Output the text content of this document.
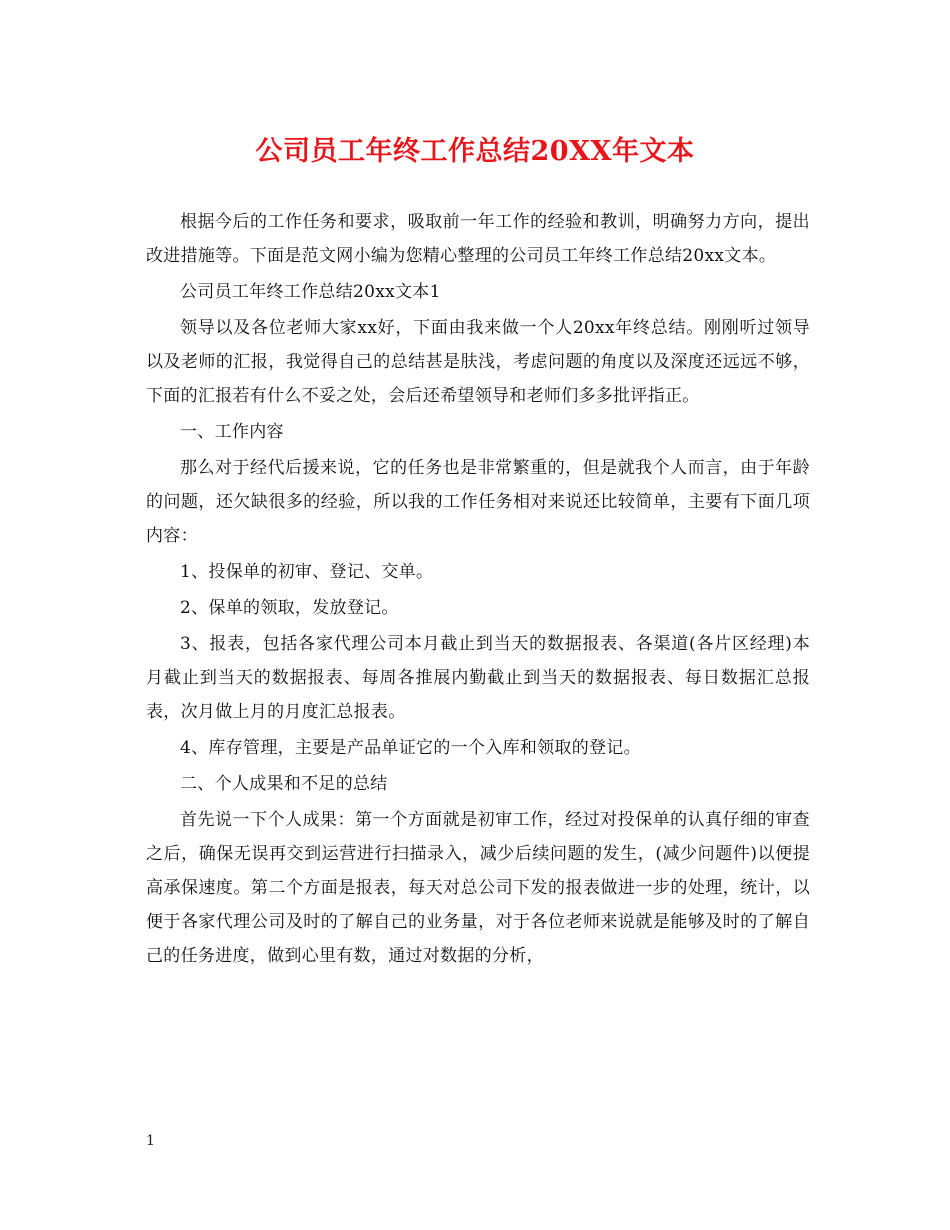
公司员工年终工作总结20XX年文本

根据今后的工作任务和要求，吸取前一年工作的经验和教训，明确努力方向，提出改进措施等。下面是范文网小编为您精心整理的公司员工年终工作总结20xx文本。

公司员工年终工作总结20xx文本1

领导以及各位老师大家xx好，下面由我来做一个人20xx年终总结。刚刚听过领导以及老师的汇报，我觉得自己的总结甚是肤浅，考虑问题的角度以及深度还远远不够，下面的汇报若有什么不妥之处，会后还希望领导和老师们多多批评指正。

一、工作内容

那么对于经代后援来说，它的任务也是非常繁重的，但是就我个人而言，由于年龄的问题，还欠缺很多的经验，所以我的工作任务相对来说还比较简单，主要有下面几项内容：

1、投保单的初审、登记、交单。

2、保单的领取，发放登记。

3、报表，包括各家代理公司本月截止到当天的数据报表、各渠道(各片区经理)本月截止到当天的数据报表、每周各推展内勤截止到当天的数据报表、每日数据汇总报表，次月做上月的月度汇总报表。

4、库存管理，主要是产品单证它的一个入库和领取的登记。

二、个人成果和不足的总结

首先说一下个人成果：第一个方面就是初审工作，经过对投保单的认真仔细的审查之后，确保无误再交到运营进行扫描录入，减少后续问题的发生，(减少问题件)以便提高承保速度。第二个方面是报表，每天对总公司下发的报表做进一步的处理，统计，以便于各家代理公司及时的了解自己的业务量，对于各位老师来说就是能够及时的了解自己的任务进度，做到心里有数，通过对数据的分析，

1
